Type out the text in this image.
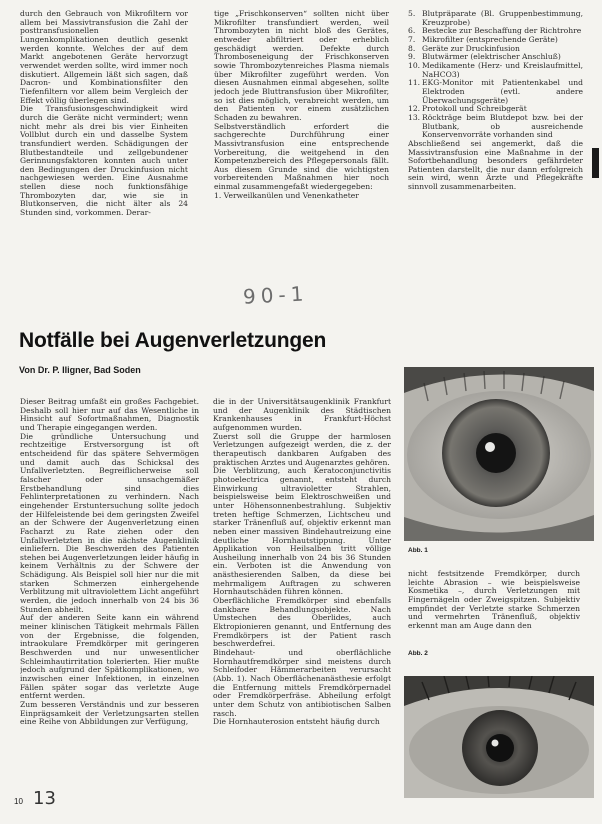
durch den Gebrauch von Mikrofiltern vor allem bei Massivtransfusion die Zahl der posttransfusionellen Lungenkomplikationen deutlich gesenkt werden konnte. Welches der auf dem Markt angebotenen Geräte hervorzugt verwendet werden sollte, wird immer noch diskutiert. Allgemein läßt sich sagen, daß Dacron- und Kombinationsfilter den Tiefenfiltern vor allem beim Vergleich der Effekt völlig überlegen sind.
Die Transfusionsgeschwindigkeit wird durch die Geräte nicht vermindert; wenn nicht mehr als drei bis vier Einheiten Vollblut durch ein und dasselbe System transfundiert werden. Schädigungen der Blutbestandteile und zellgebundener Gerinnungsfaktoren konnten auch unter den Bedingungen der Druckinfusion nicht nachgewiesen werden. Eine Ausnahme stellen diese noch funktionsfähige Thrombozyten dar, wie sie in Blutkonserven, die nicht älter als 24 Stunden sind, vorkommen. Derar-

tige „Frischkonserven“ sollten nicht über Mikrofilter transfundiert werden, weil Thrombozyten in nicht bloß des Gerätes, entweder abfiltriert oder erheblich geschädigt werden. Defekte durch Thromboseneigung der Frischkonserven sowie Thrombozytenreiches Plasma niemals über Mikrofilter zugeführt werden. Von diesen Ausnahmen einmal abgesehen, sollte jedoch jede Bluttransfusion über Mikrofilter, so ist dies möglich, verabreicht werden, um den Patienten vor einem zusätzlichen Schaden zu bewahren.
Selbstverständlich erfordert die sachgerechte Durchführung einer Massivtransfusion eine entsprechende Vorbereitung, die weitgehend in den Kompetenzbereich des Pflegepersonals fällt. Aus diesem Grunde sind die wichtigsten vorbereitenden Maßnahmen hier noch einmal zusammengefaßt wiedergegeben:
1. Verweilkanülen und Venenkatheter

5. Blutpräparate (Bl. Gruppenbestimmung, Kreuzprobe)
6. Bestecke zur Beschaffung der Richtrohre
7. Mikrofilter (entsprechende Geräte)
8. Geräte zur Druckinfusion
9. Blutwärmer (elektrischer Anschluß)
10. Medikamente (Herz- und Kreislaufmittel, NaHCO3)
11. EKG-Monitor mit Patientenkabel und Elektroden (evtl. andere Überwachungsgeräte)
12. Protokoll und Schreibgerät
13. Röckträge beim Blutdepot bzw. bei der Blutbank, ob ausreichende Konservenvorräte vorhanden sind

Abschließend sei angemerkt, daß die Massivtransfusion eine Maßnahme in der Sofortbehandlung besonders gefährdeter Patienten darstellt, die nur dann erfolgreich sein wird, wenn Ärzte und Pflegekräfte sinnvoll zusammenarbeiten.

90-1
Notfälle bei Augenverletzungen
Von Dr. P. Iligner, Bad Soden

Dieser Beitrag umfaßt ein großes Fachgebiet. Deshalb soll hier nur auf das Wesentliche in Hinsicht auf Sofortmaßnahmen, Diagnostik und Therapie eingegangen werden.
Die gründliche Untersuchung und rechtzeitige Erstversorgung ist oft entscheidend für das spätere Sehvermögen und damit auch das Schicksal des Unfallverletzten. Begreiflicherweise soll falscher oder unsachgemäßer Erstbehandlung sind dies Fehlinterpretationen zu verhindern. Nach eingehender Erstuntersuchung sollte jedoch der Hilfeleistende bei dem geringsten Zweifel an der Schwere der Augenverletzung einen Facharzt zu Rate ziehen oder den Unfallverletzten in die nächste Augenklinik einliefern. Die Beschwerden des Patienten stehen bei Augenverletzungen leider häufig in keinem Verhältnis zu der Schwere der Schädigung. Als Beispiel soll hier nur die mit starken Schmerzen einhergehende Verblitzung mit ultraviolettem Licht angeführt werden, die jedoch innerhalb von 24 bis 36 Stunden abheilt.
Auf der anderen Seite kann ein während meiner klinischen Tätigkeit mehrmals Fällen von der Ergebnisse, die folgenden, intraokulare Fremdkörper mit geringeren Beschwerden und nur unwesentlicher Schleimhautirritation tolerierten. Hier mußte jedoch aufgrund der Spätkomplikationen, wo inzwischen einer Infektionen, in einzelnen Fällen später sogar das verletzte Auge entfernt werden.
Zum besseren Verständnis und zur besseren Einprägsamkeit der Verletzungsarten stellen eine Reihe von Abbildungen zur Verfügung,

die in der Universitätsaugenklinik Frankfurt und der Augenklinik des Städtischen Krankenhauses in Frankfurt-Höchst aufgenommen wurden.
Zuerst soll die Gruppe der harmlosen Verletzungen aufgezeigt werden, die z. der therapeutisch dankbaren Aufgaben des praktischen Arztes und Augenarztes gehören.
Die Verblitzung, auch Keratoconjunctivitis photoelectrica genannt, entsteht durch Einwirkung ultravioletter Strahlen, beispielsweise beim Elektroschweißen und unter Höhensonnenbestrahlung. Subjektiv treten heftige Schmerzen, Lichtscheu und starker Tränenfluß auf, objektiv erkennt man neben einer massiven Bindehautreizung eine deutliche Hornhautstippung. Unter Applikation von Heilsalben tritt völlige Ausheilung innerhalb von 24 bis 36 Stunden ein. Verboten ist die Anwendung von anästhesierenden Salben, da diese bei mehrmaligem Auftragen zu schweren Hornhautschäden führen können.
Oberflächliche Fremdkörper sind ebenfalls dankbare Behandlungsobjekte. Nach Umstechen des Oberlides, auch Ektropionieren genannt, und Entfernung des Fremdkörpers ist der Patient rasch beschwerdefrei.
Bindehaut- und oberflächliche Hornhautfremdkörper sind meistens durch Schleifoder Hämmerarbeiten verursacht (Abb. 1). Nach Oberflächenanästhesie erfolgt die Entfernung mittels Fremdkörpernadel oder Fremdkörperfräse. Abheilung erfolgt unter dem Schutz von antibiotischen Salben rasch.
Die Hornhauterosion entsteht häufig durch

Abb. 1

nicht festsitzende Fremdkörper, durch leichte Abrasion – wie beispielsweise Kosmetika –, durch Verletzungen mit Fingernägeln oder Zweigspitzen. Subjektiv empfindet der Verletzte starke Schmerzen und vermehrten Tränenfluß, objektiv erkennt man am Auge dann den

Abb. 2
10 13
